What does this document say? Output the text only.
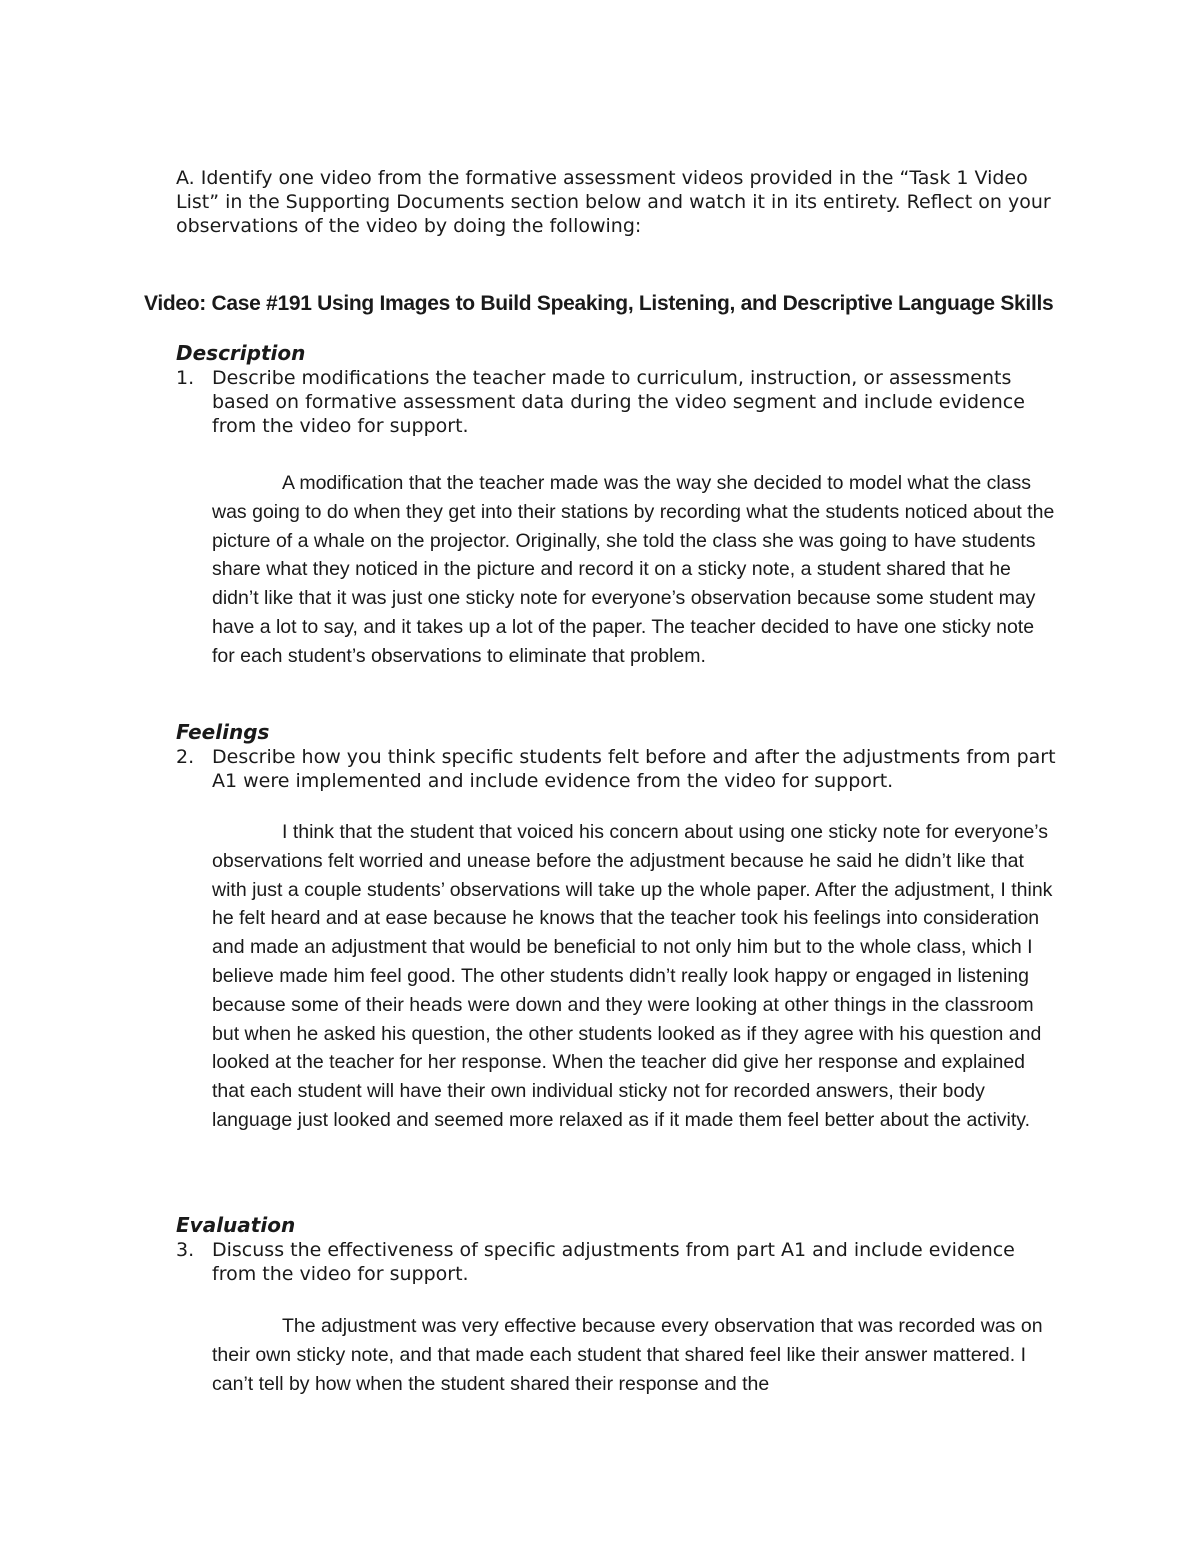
A. Identify one video from the formative assessment videos provided in the “Task 1 Video List” in the Supporting Documents section below and watch it in its entirety. Reflect on your observations of the video by doing the following:

Video: Case #191 Using Images to Build Speaking, Listening, and Descriptive Language Skills
Description
1. Describe modifications the teacher made to curriculum, instruction, or assessments based on formative assessment data during the video segment and include evidence from the video for support.

A modification that the teacher made was the way she decided to model what the class was going to do when they get into their stations by recording what the students noticed about the picture of a whale on the projector. Originally, she told the class she was going to have students share what they noticed in the picture and record it on a sticky note, a student shared that he didn’t like that it was just one sticky note for everyone’s observation because some student may have a lot to say, and it takes up a lot of the paper. The teacher decided to have one sticky note for each student’s observations to eliminate that problem.

Feelings
2. Describe how you think specific students felt before and after the adjustments from part A1 were implemented and include evidence from the video for support.

I think that the student that voiced his concern about using one sticky note for everyone’s observations felt worried and unease before the adjustment because he said he didn’t like that with just a couple students’ observations will take up the whole paper. After the adjustment, I think he felt heard and at ease because he knows that the teacher took his feelings into consideration and made an adjustment that would be beneficial to not only him but to the whole class, which I believe made him feel good. The other students didn’t really look happy or engaged in listening because some of their heads were down and they were looking at other things in the classroom but when he asked his question, the other students looked as if they agree with his question and looked at the teacher for her response. When the teacher did give her response and explained that each student will have their own individual sticky not for recorded answers, their body language just looked and seemed more relaxed as if it made them feel better about the activity.

Evaluation
3. Discuss the effectiveness of specific adjustments from part A1 and include evidence from the video for support.

The adjustment was very effective because every observation that was recorded was on their own sticky note, and that made each student that shared feel like their answer mattered. I can’t tell by how when the student shared their response and the
